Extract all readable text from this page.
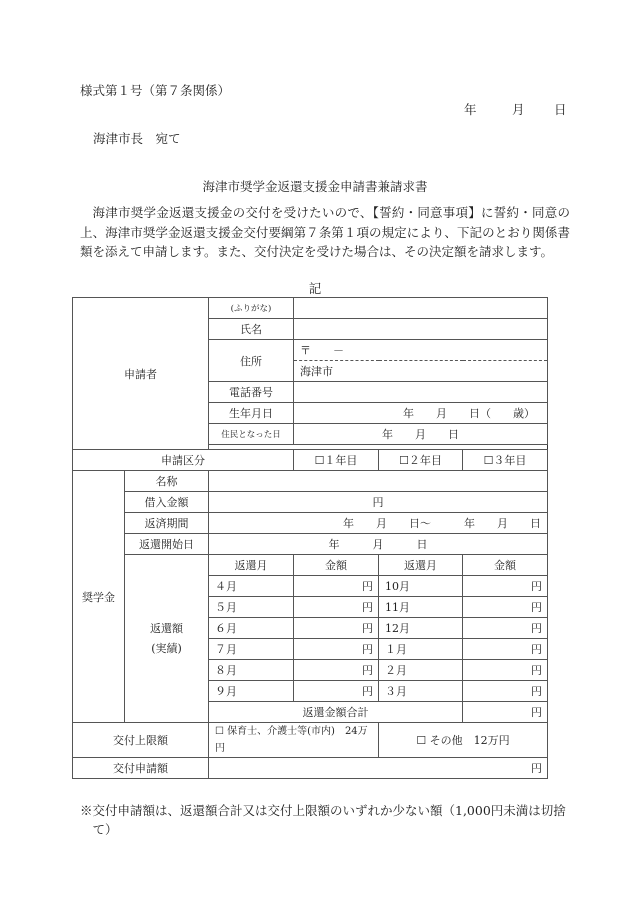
様式第１号（第７条関係）
年	月 日
海津市長　宛て
海津市奨学金返還支援金申請書兼請求書
海津市奨学金返還支援金の交付を受けたいので、【誓約・同意事項】に誓約・同意の上、海津市奨学金返還支援金交付要綱第７条第１項の規定により、下記のとおり関係書類を添えて申請します。また、交付決定を受けた場合は、その決定額を請求します。
記
申請者		(ふりがな)			
		氏名			
		住所	〒　　－		
			海津市		
		電話番号			
		生年月日	年　　月　　日（　　歳）		
		住民となった日	年　　月　　日		

申請区分			☐１年目	☐２年目	☐３年目
奨学金	名称				
	借入金額	円			
	返済期間	年　　月　　日～　　　年　　月　　日			
	返還開始日	年　　　月　　　日			
	返還額
(実績)	返還月	金額	返還月	金額
		４月	円	10月	円
		５月	円	11月	円
		６月	円	12月	円
		７月	円	１月	円
		８月	円	２月	円
		９月	円	３月	円
		返還金額合計			円
交付上限額		☐ 保育士、介護士等(市内)　24万円		☐ その他　12万円	
交付申請額		円			
※交付申請額は、返還額合計又は交付上限額のいずれか少ない額（1,000円未満は切捨て）
